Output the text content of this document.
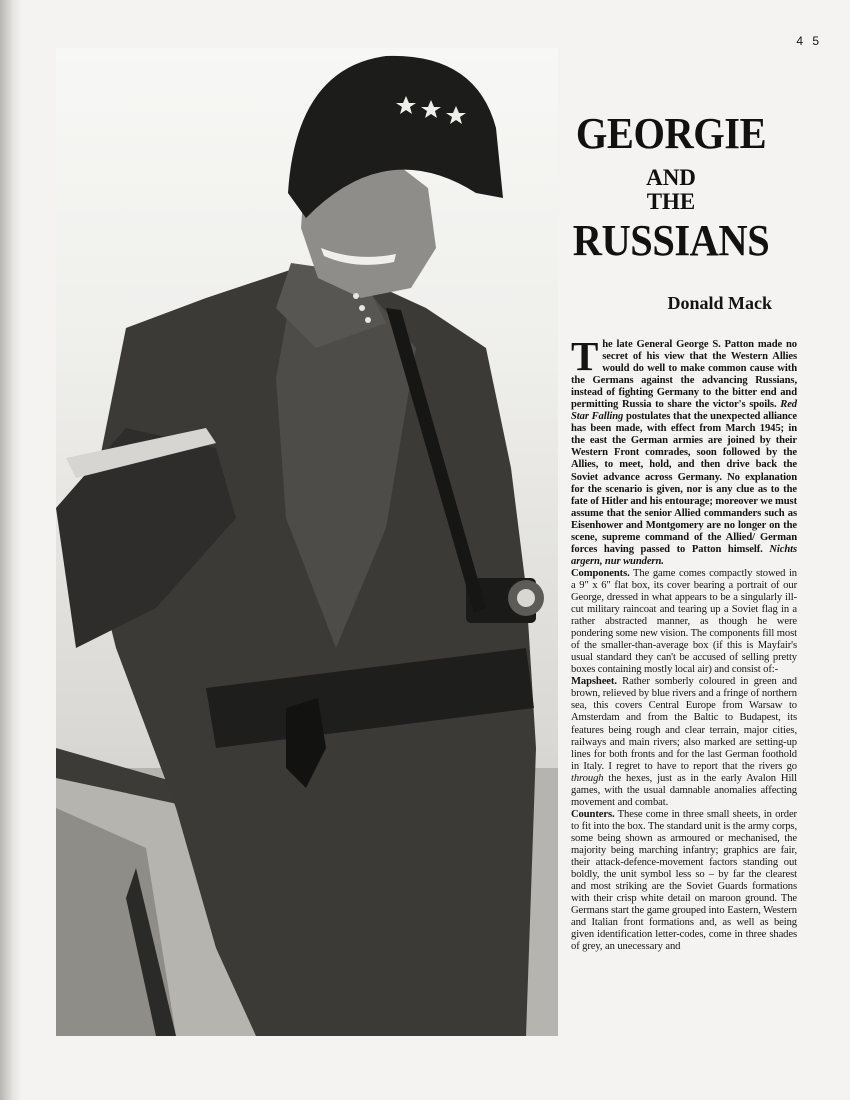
4 5
GEORGIE
AND
THE
RUSSIANS
Donald Mack

The late General George S. Patton made no secret of his view that the Western Allies would do well to make common cause with the Germans against the advancing Russians, instead of fighting Germany to the bitter end and permitting Russia to share the victor's spoils. Red Star Falling postulates that the unexpected alliance has been made, with effect from March 1945; in the east the German armies are joined by their Western Front comrades, soon followed by the Allies, to meet, hold, and then drive back the Soviet advance across Germany. No explanation for the scenario is given, nor is any clue as to the fate of Hitler and his entourage; moreover we must assume that the senior Allied commanders such as Eisenhower and Montgomery are no longer on the scene, supreme command of the Allied/ German forces having passed to Patton himself. Nichts argern, nur wundern.

Components. The game comes compactly stowed in a 9" x 6" flat box, its cover bearing a portrait of our George, dressed in what appears to be a singularly ill-cut military raincoat and tearing up a Soviet flag in a rather abstracted manner, as though he were pondering some new vision. The components fill most of the smaller-than-average box (if this is Mayfair's usual standard they can't be accused of selling pretty boxes containing mostly local air) and consist of:-

Mapsheet. Rather somberly coloured in green and brown, relieved by blue rivers and a fringe of northern sea, this covers Central Europe from Warsaw to Amsterdam and from the Baltic to Budapest, its features being rough and clear terrain, major cities, railways and main rivers; also marked are setting-up lines for both fronts and for the last German foothold in Italy. I regret to have to report that the rivers go through the hexes, just as in the early Avalon Hill games, with the usual damnable anomalies affecting movement and combat.

Counters. These come in three small sheets, in order to fit into the box. The standard unit is the army corps, some being shown as armoured or mechanised, the majority being marching infantry; graphics are fair, their attack-defence-movement factors standing out boldly, the unit symbol less so – by far the clearest and most striking are the Soviet Guards formations with their crisp white detail on maroon ground. The Germans start the game grouped into Eastern, Western and Italian front formations and, as well as being given identification letter-codes, come in three shades of grey, an unecessary and
